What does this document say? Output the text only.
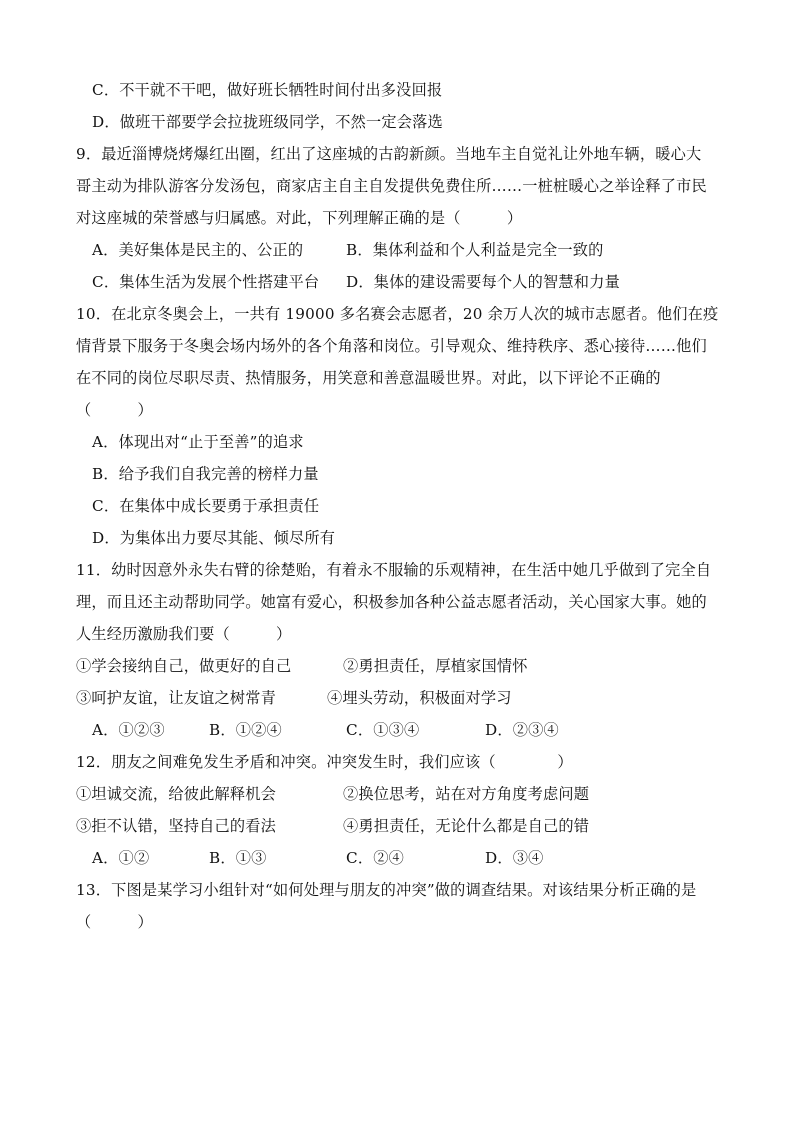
C．不干就不干吧，做好班长牺牲时间付出多没回报
D．做班干部要学会拉拢班级同学，不然一定会落选
9．最近淄博烧烤爆红出圈，红出了这座城的古韵新颜。当地车主自觉礼让外地车辆，暖心大
哥主动为排队游客分发汤包，商家店主自主自发提供免费住所……一桩桩暖心之举诠释了市民
对这座城的荣誉感与归属感。对此，下列理解正确的是（　　　）
A．美好集体是民主的、公正的	B．集体利益和个人利益是完全一致的
C．集体生活为发展个性搭建平台 D．集体的建设需要每个人的智慧和力量
10．在北京冬奥会上，一共有 19000 多名赛会志愿者，20 余万人次的城市志愿者。他们在疫
情背景下服务于冬奥会场内场外的各个角落和岗位。引导观众、维持秩序、悉心接待……他们
在不同的岗位尽职尽责、热情服务，用笑意和善意温暖世界。对此，以下评论不正确的
（　　　）
A．体现出对“止于至善”的追求
B．给予我们自我完善的榜样力量
C．在集体中成长要勇于承担责任
D．为集体出力要尽其能、倾尽所有
11．幼时因意外永失右臂的徐楚贻，有着永不服输的乐观精神，在生活中她几乎做到了完全自
理，而且还主动帮助同学。她富有爱心，积极参加各种公益志愿者活动，关心国家大事。她的
人生经历激励我们要（　　　）
①学会接纳自己，做更好的自己	②勇担责任，厚植家国情怀
③呵护友谊，让友谊之树常青	④埋头劳动，积极面对学习
A．①②③	B．①②④	C．①③④	D．②③④
12．朋友之间难免发生矛盾和冲突。冲突发生时，我们应该（　　　　）
①坦诚交流，给彼此解释机会	②换位思考，站在对方角度考虑问题
③拒不认错，坚持自己的看法	④勇担责任，无论什么都是自己的错
A．①②	B．①③	C．②④	D．③④
13．下图是某学习小组针对“如何处理与朋友的冲突”做的调查结果。对该结果分析正确的是
（　　　）
